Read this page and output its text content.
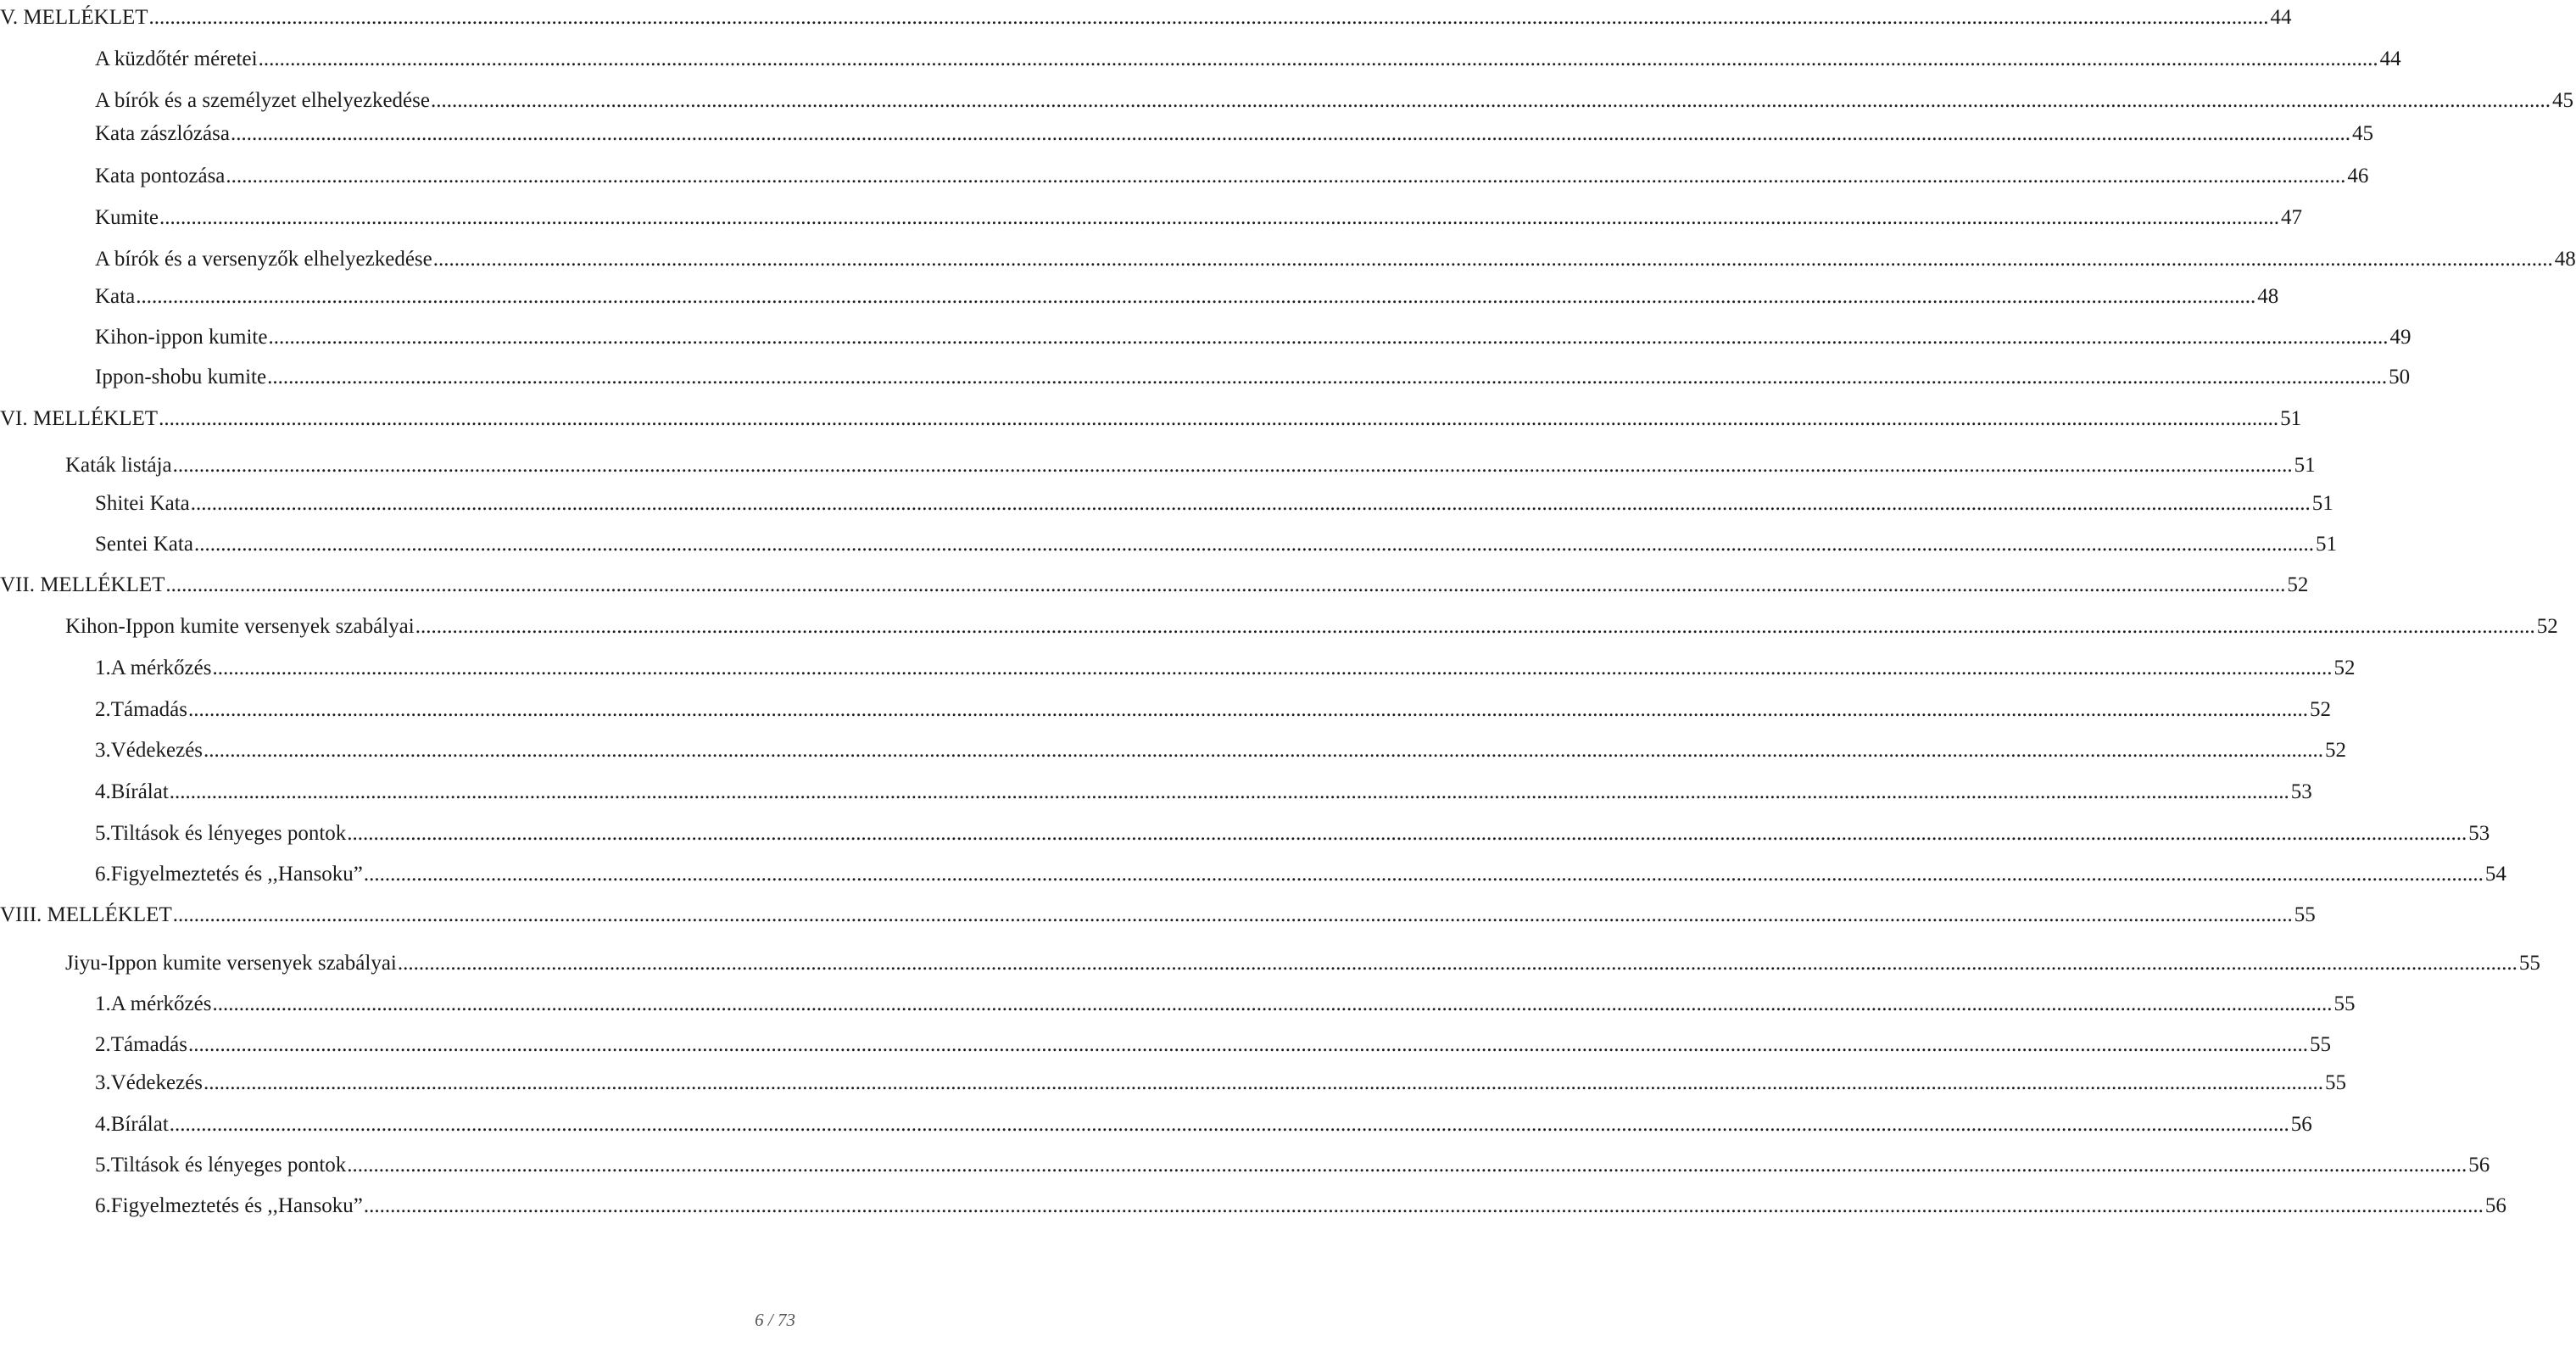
V. MELLÉKLET ................................................................................................................................................................................................................................................................................................................................................................................................................ 44
A küzdőtér méretei ................................................................................................................................................................................................................................................................................................................................................................................................................ 44
A bírók és a személyzet elhelyezkedése ................................................................................................................................................................................................................................................................................................................................................................................................................ 45
Kata zászlózása ................................................................................................................................................................................................................................................................................................................................................................................................................ 45
Kata pontozása ................................................................................................................................................................................................................................................................................................................................................................................................................ 46
Kumite ................................................................................................................................................................................................................................................................................................................................................................................................................ 47
A bírók és a versenyzők elhelyezkedése ................................................................................................................................................................................................................................................................................................................................................................................................................ 48
Kata ................................................................................................................................................................................................................................................................................................................................................................................................................ 48
Kihon-ippon kumite ................................................................................................................................................................................................................................................................................................................................................................................................................ 49
Ippon-shobu kumite ................................................................................................................................................................................................................................................................................................................................................................................................................ 50
VI. MELLÉKLET ................................................................................................................................................................................................................................................................................................................................................................................................................ 51
Katák listája ................................................................................................................................................................................................................................................................................................................................................................................................................ 51
Shitei Kata ................................................................................................................................................................................................................................................................................................................................................................................................................ 51
Sentei Kata ................................................................................................................................................................................................................................................................................................................................................................................................................ 51
VII. MELLÉKLET ................................................................................................................................................................................................................................................................................................................................................................................................................ 52
Kihon-Ippon kumite versenyek szabályai ................................................................................................................................................................................................................................................................................................................................................................................................................ 52
1. A mérkőzés ................................................................................................................................................................................................................................................................................................................................................................................................................ 52
2. Támadás ................................................................................................................................................................................................................................................................................................................................................................................................................ 52
3. Védekezés ................................................................................................................................................................................................................................................................................................................................................................................................................ 52
4. Bírálat ................................................................................................................................................................................................................................................................................................................................................................................................................ 53
5. Tiltások és lényeges pontok ................................................................................................................................................................................................................................................................................................................................................................................................................ 53
6. Figyelmeztetés és ,,Hansoku” ................................................................................................................................................................................................................................................................................................................................................................................................................ 54
VIII. MELLÉKLET ................................................................................................................................................................................................................................................................................................................................................................................................................ 55
Jiyu-Ippon kumite versenyek szabályai ................................................................................................................................................................................................................................................................................................................................................................................................................ 55
1. A mérkőzés ................................................................................................................................................................................................................................................................................................................................................................................................................ 55
2. Támadás ................................................................................................................................................................................................................................................................................................................................................................................................................ 55
3. Védekezés ................................................................................................................................................................................................................................................................................................................................................................................................................ 55
4. Bírálat ................................................................................................................................................................................................................................................................................................................................................................................................................ 56
5. Tiltások és lényeges pontok ................................................................................................................................................................................................................................................................................................................................................................................................................ 56
6. Figyelmeztetés és ,,Hansoku” ................................................................................................................................................................................................................................................................................................................................................................................................................ 56
6 / 73
